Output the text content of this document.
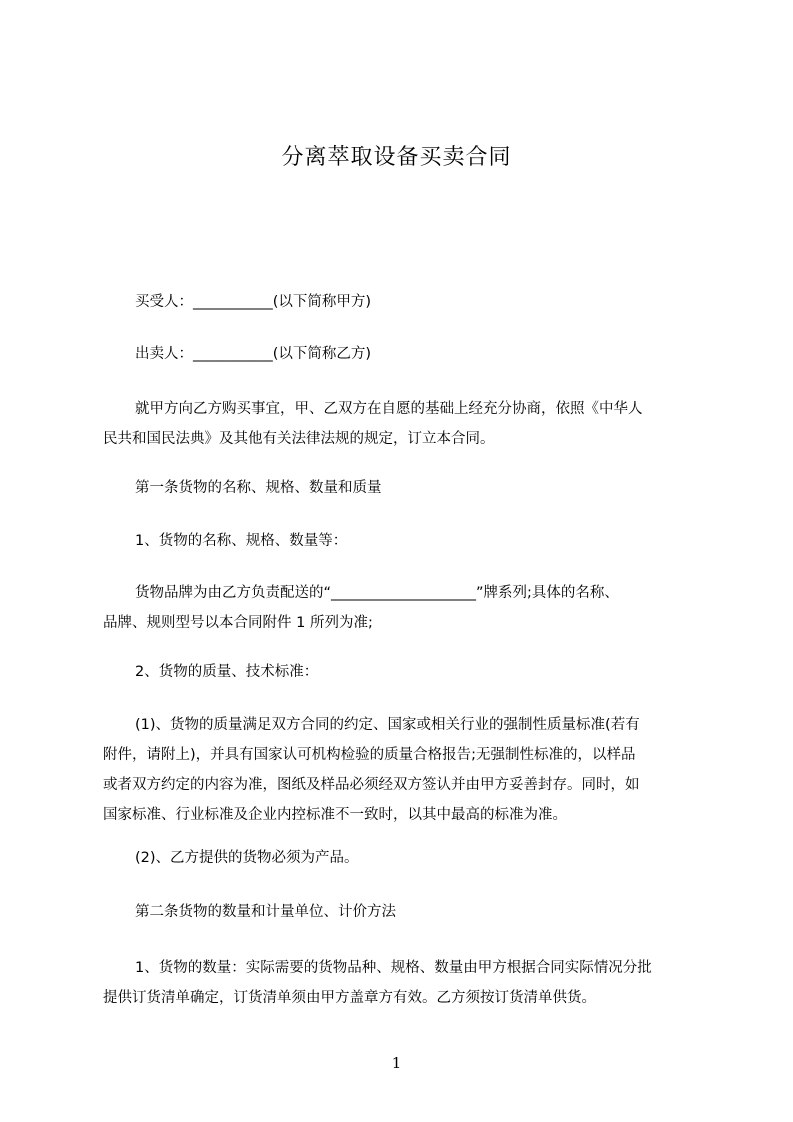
分离萃取设备买卖合同
买受人：___________(以下简称甲方)
出卖人：___________(以下简称乙方)
就甲方向乙方购买事宜，甲、乙双方在自愿的基础上经充分协商，依照《中华人
民共和国民法典》及其他有关法律法规的规定，订立本合同。
第一条货物的名称、规格、数量和质量
1、货物的名称、规格、数量等：
货物品牌为由乙方负责配送的“____________________”牌系列;具体的名称、
品牌、规则型号以本合同附件 1 所列为准;
2、货物的质量、技术标准：
(1)、货物的质量满足双方合同的约定、国家或相关行业的强制性质量标准(若有
附件，请附上)，并具有国家认可机构检验的质量合格报告;无强制性标准的，以样品
或者双方约定的内容为准，图纸及样品必须经双方签认并由甲方妥善封存。同时，如
国家标准、行业标准及企业内控标准不一致时，以其中最高的标准为准。
(2)、乙方提供的货物必须为产品。
第二条货物的数量和计量单位、计价方法
1、货物的数量：实际需要的货物品种、规格、数量由甲方根据合同实际情况分批
提供订货清单确定，订货清单须由甲方盖章方有效。乙方须按订货清单供货。
1
